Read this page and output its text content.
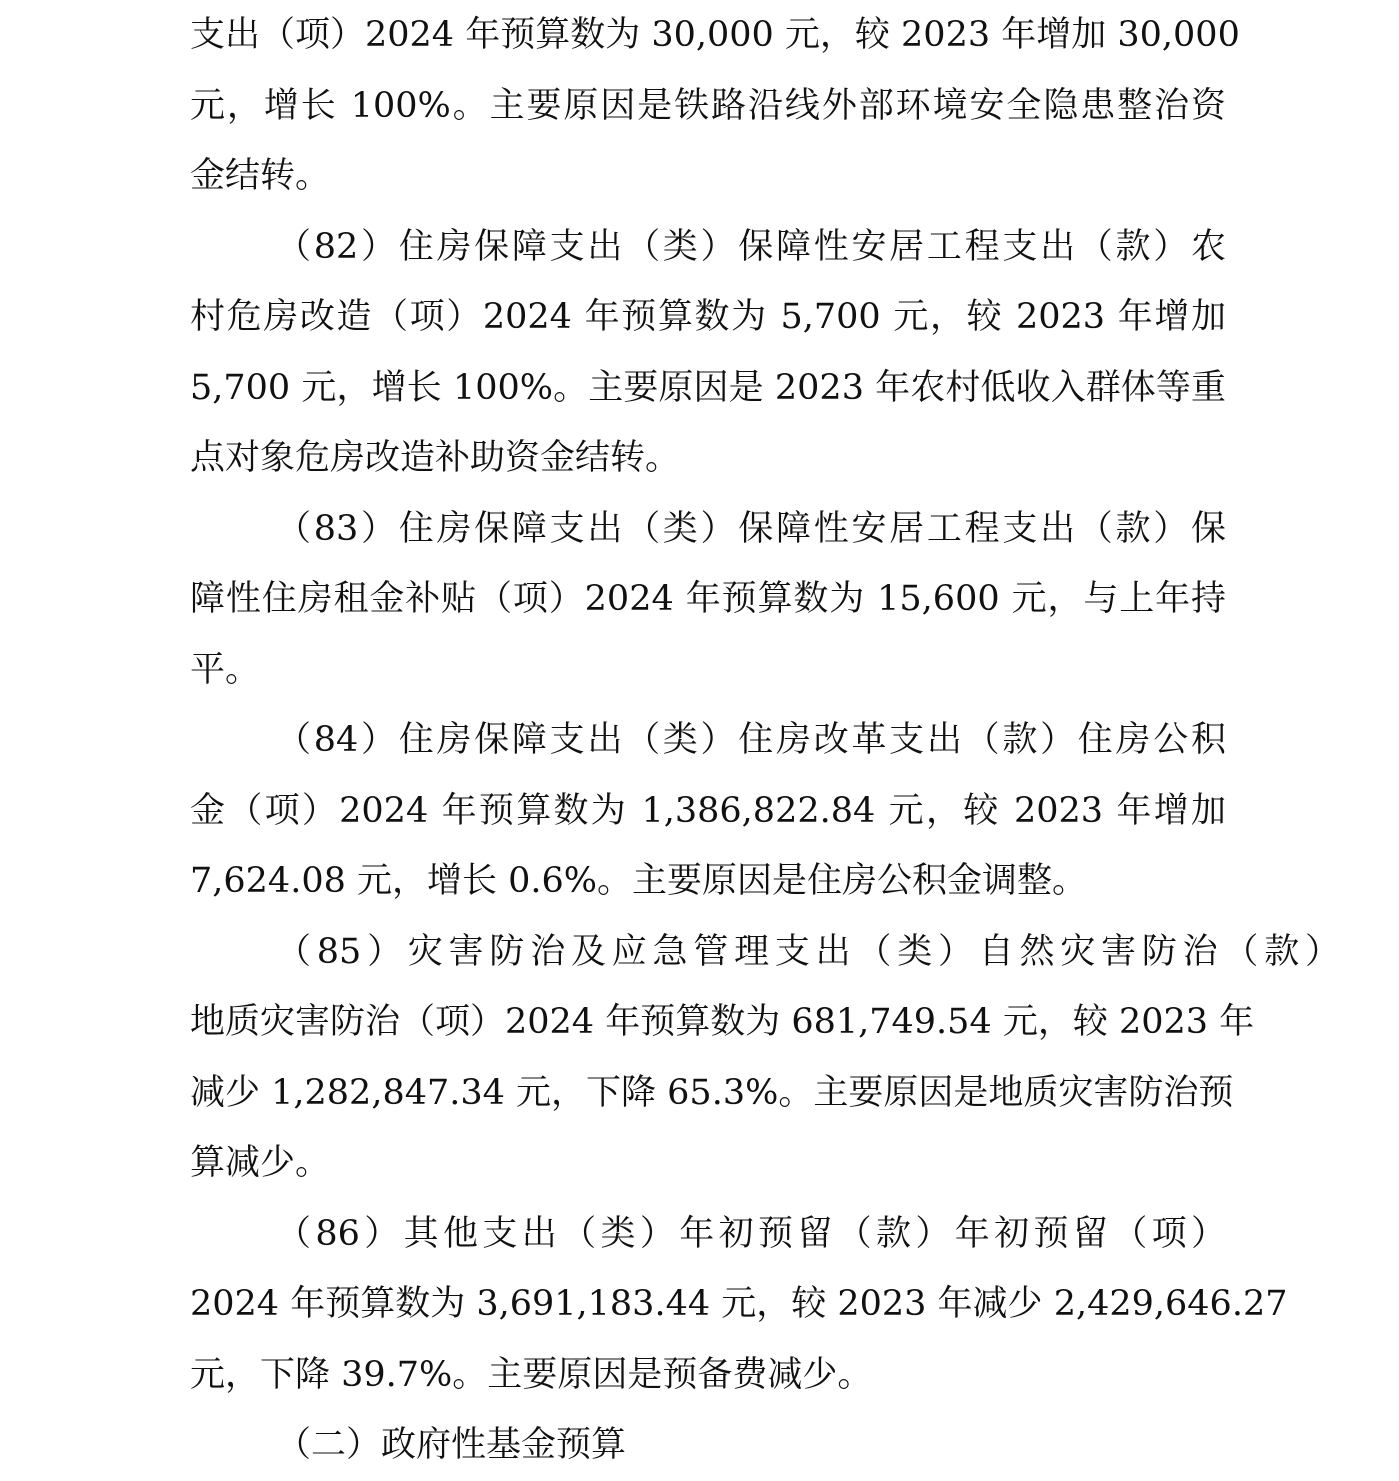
支出（项）2024 年预算数为 30,000 元，较 2023 年增加 30,000
元，增长 100%。主要原因是铁路沿线外部环境安全隐患整治资
金结转。
（82）住房保障支出（类）保障性安居工程支出（款）农
村危房改造（项）2024 年预算数为 5,700 元，较 2023 年增加
5,700 元，增长 100%。主要原因是 2023 年农村低收入群体等重
点对象危房改造补助资金结转。
（83）住房保障支出（类）保障性安居工程支出（款）保
障性住房租金补贴（项）2024 年预算数为 15,600 元，与上年持
平。
（84）住房保障支出（类）住房改革支出（款）住房公积
金（项）2024 年预算数为 1,386,822.84 元，较 2023 年增加
7,624.08 元，增长 0.6%。主要原因是住房公积金调整。
（85）灾害防治及应急管理支出（类）自然灾害防治（款）
地质灾害防治（项）2024 年预算数为 681,749.54 元，较 2023 年
减少 1,282,847.34 元，下降 65.3%。主要原因是地质灾害防治预
算减少。
（86）其他支出（类）年初预留（款）年初预留（项）
2024 年预算数为 3,691,183.44 元，较 2023 年减少 2,429,646.27
元，下降 39.7%。主要原因是预备费减少。
（二）政府性基金预算
